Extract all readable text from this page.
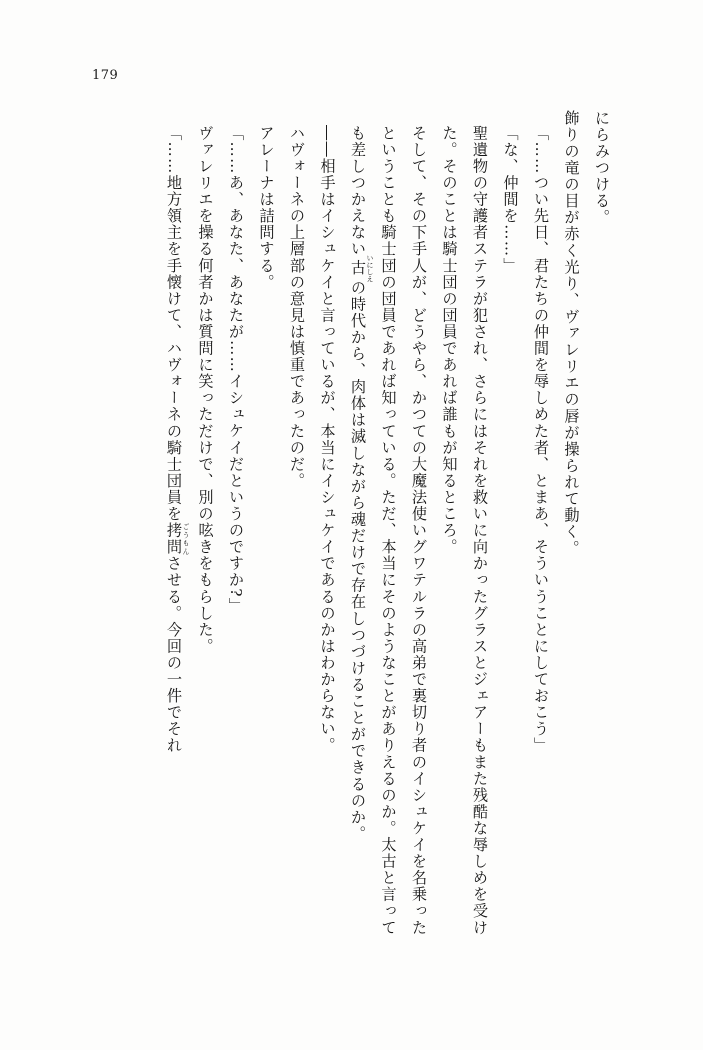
179
にらみつける。
飾りの竜の目が赤く光り、ヴァレリエの唇が操られて動く。
「……つい先日、君たちの仲間を辱しめた者、とまあ、そういうことにしておこう」
「な、仲間を……」
聖遺物の守護者ステラが犯され、さらにはそれを救いに向かったグラスとジェアーもまた残酷な辱しめを受けた。そのことは騎士団の団員であれば誰もが知るところ。
そして、その下手人が、どうやら、かつての大魔法使いグワテルラの高弟で裏切り者のイシュケイを名乗ったということも騎士団の団員であれば知っている。ただ、本当にそのようなことがありえるのか。太古と言っても差しつかえない古 いにしえの時代から、肉体は滅しながら魂だけで存在しつづけることができるのか。
――相手はイシュケイと言っているが、本当にイシュケイであるのかはわからない。
ハヴォーネの上層部の意見は慎重であったのだ。
アレーナは詰問する。
「……あ、あなた、あなたが……イシュケイだというのですか?」
ヴァレリエを操る何者かは質問に笑っただけで、別の呟きをもらした。
「……地方領主を手懐けて、ハヴォーネの騎士団員を拷問 ごうもんさせる。今回の一件でそれ
